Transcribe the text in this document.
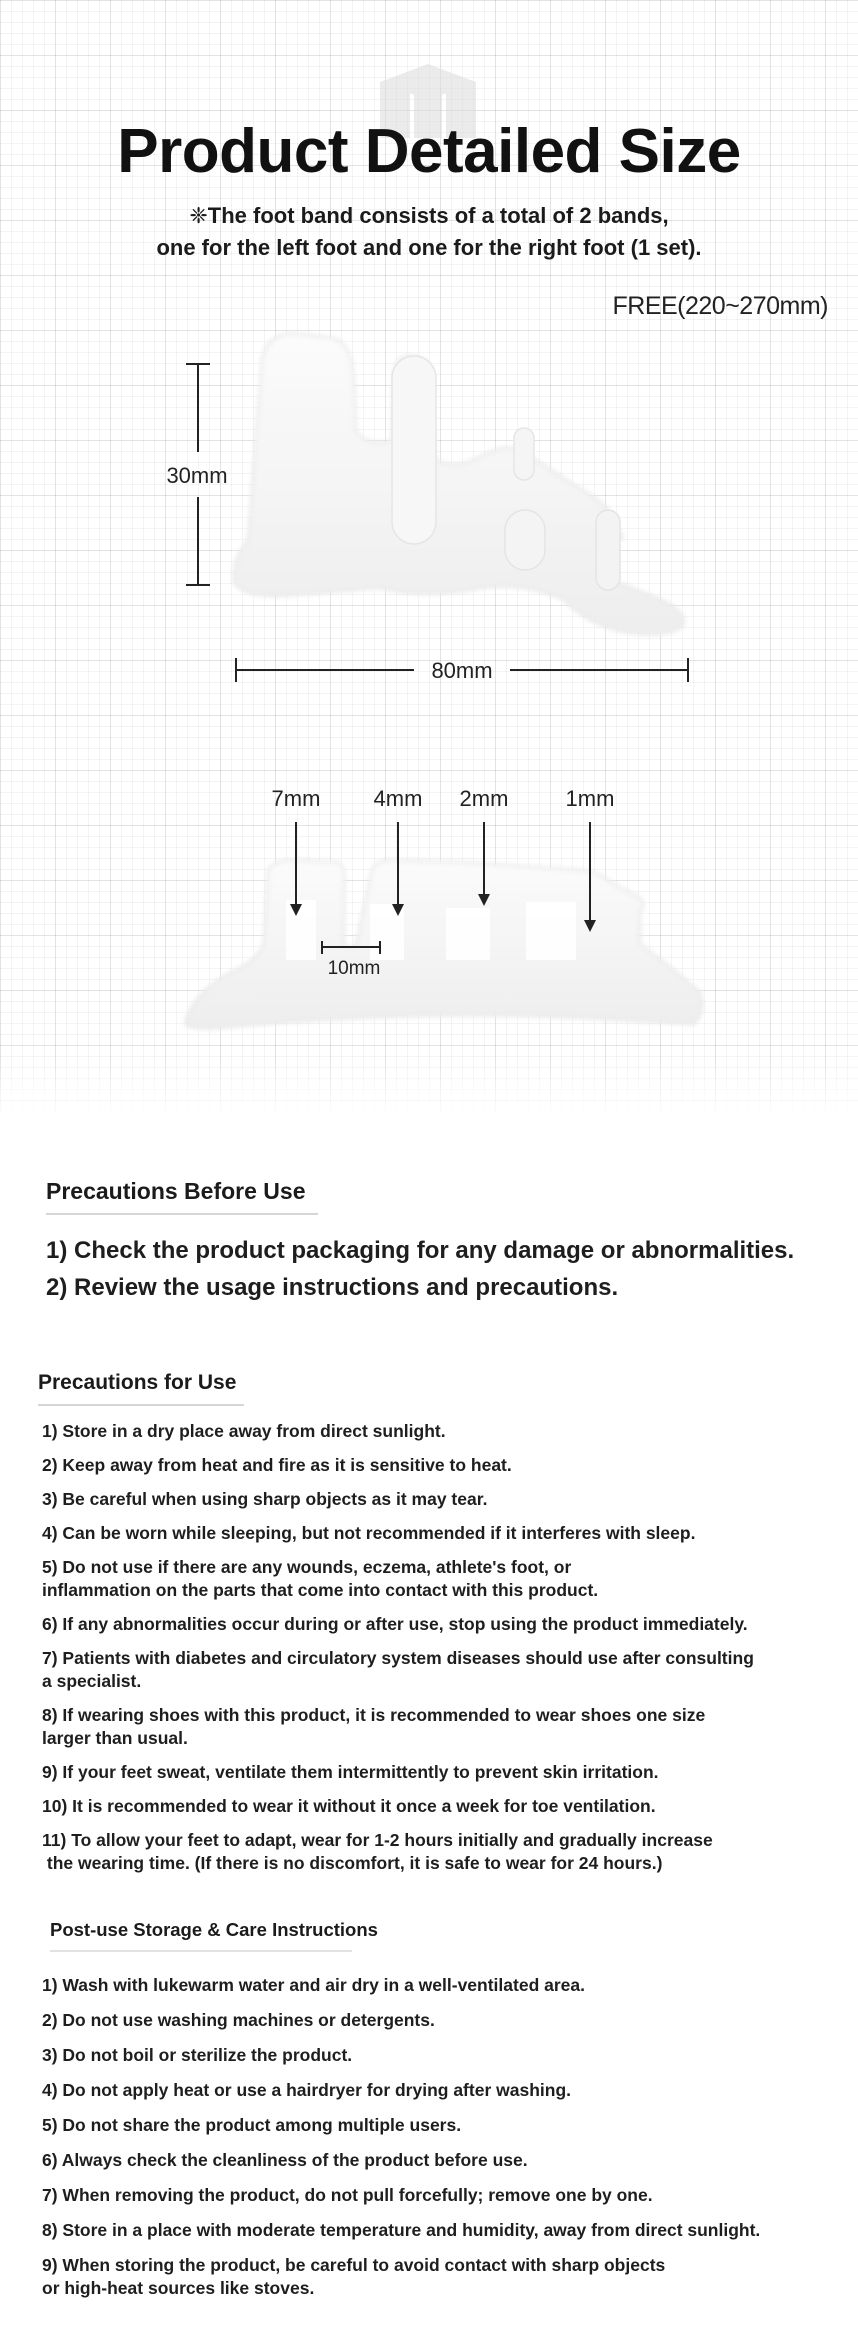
Product Detailed Size
❈The foot band consists of a total of 2 bands,
one for the left foot and one for the right foot (1 set).
FREE(220~270mm)
30mm
80mm
7mm 4mm 2mm	1mm
10mm
Precautions Before Use
1) Check the product packaging for any damage or abnormalities.
2) Review the usage instructions and precautions.
Precautions for Use
1) Store in a dry place away from direct sunlight.
2) Keep away from heat and fire as it is sensitive to heat.
3) Be careful when using sharp objects as it may tear.
4) Can be worn while sleeping, but not recommended if it interferes with sleep.
5) Do not use if there are any wounds, eczema, athlete's foot, or
inflammation on the parts that come into contact with this product.
6) If any abnormalities occur during or after use, stop using the product immediately.
7) Patients with diabetes and circulatory system diseases should use after consulting
a specialist.
8) If wearing shoes with this product, it is recommended to wear shoes one size
larger than usual.
9) If your feet sweat, ventilate them intermittently to prevent skin irritation.
10) It is recommended to wear it without it once a week for toe ventilation.
11) To allow your feet to adapt, wear for 1-2 hours initially and gradually increase
the wearing time. (If there is no discomfort, it is safe to wear for 24 hours.)
Post-use Storage & Care Instructions
1) Wash with lukewarm water and air dry in a well-ventilated area.
2) Do not use washing machines or detergents.
3) Do not boil or sterilize the product.
4) Do not apply heat or use a hairdryer for drying after washing.
5) Do not share the product among multiple users.
6) Always check the cleanliness of the product before use.
7) When removing the product, do not pull forcefully; remove one by one.
8) Store in a place with moderate temperature and humidity, away from direct sunlight.
9) When storing the product, be careful to avoid contact with sharp objects
or high-heat sources like stoves.
